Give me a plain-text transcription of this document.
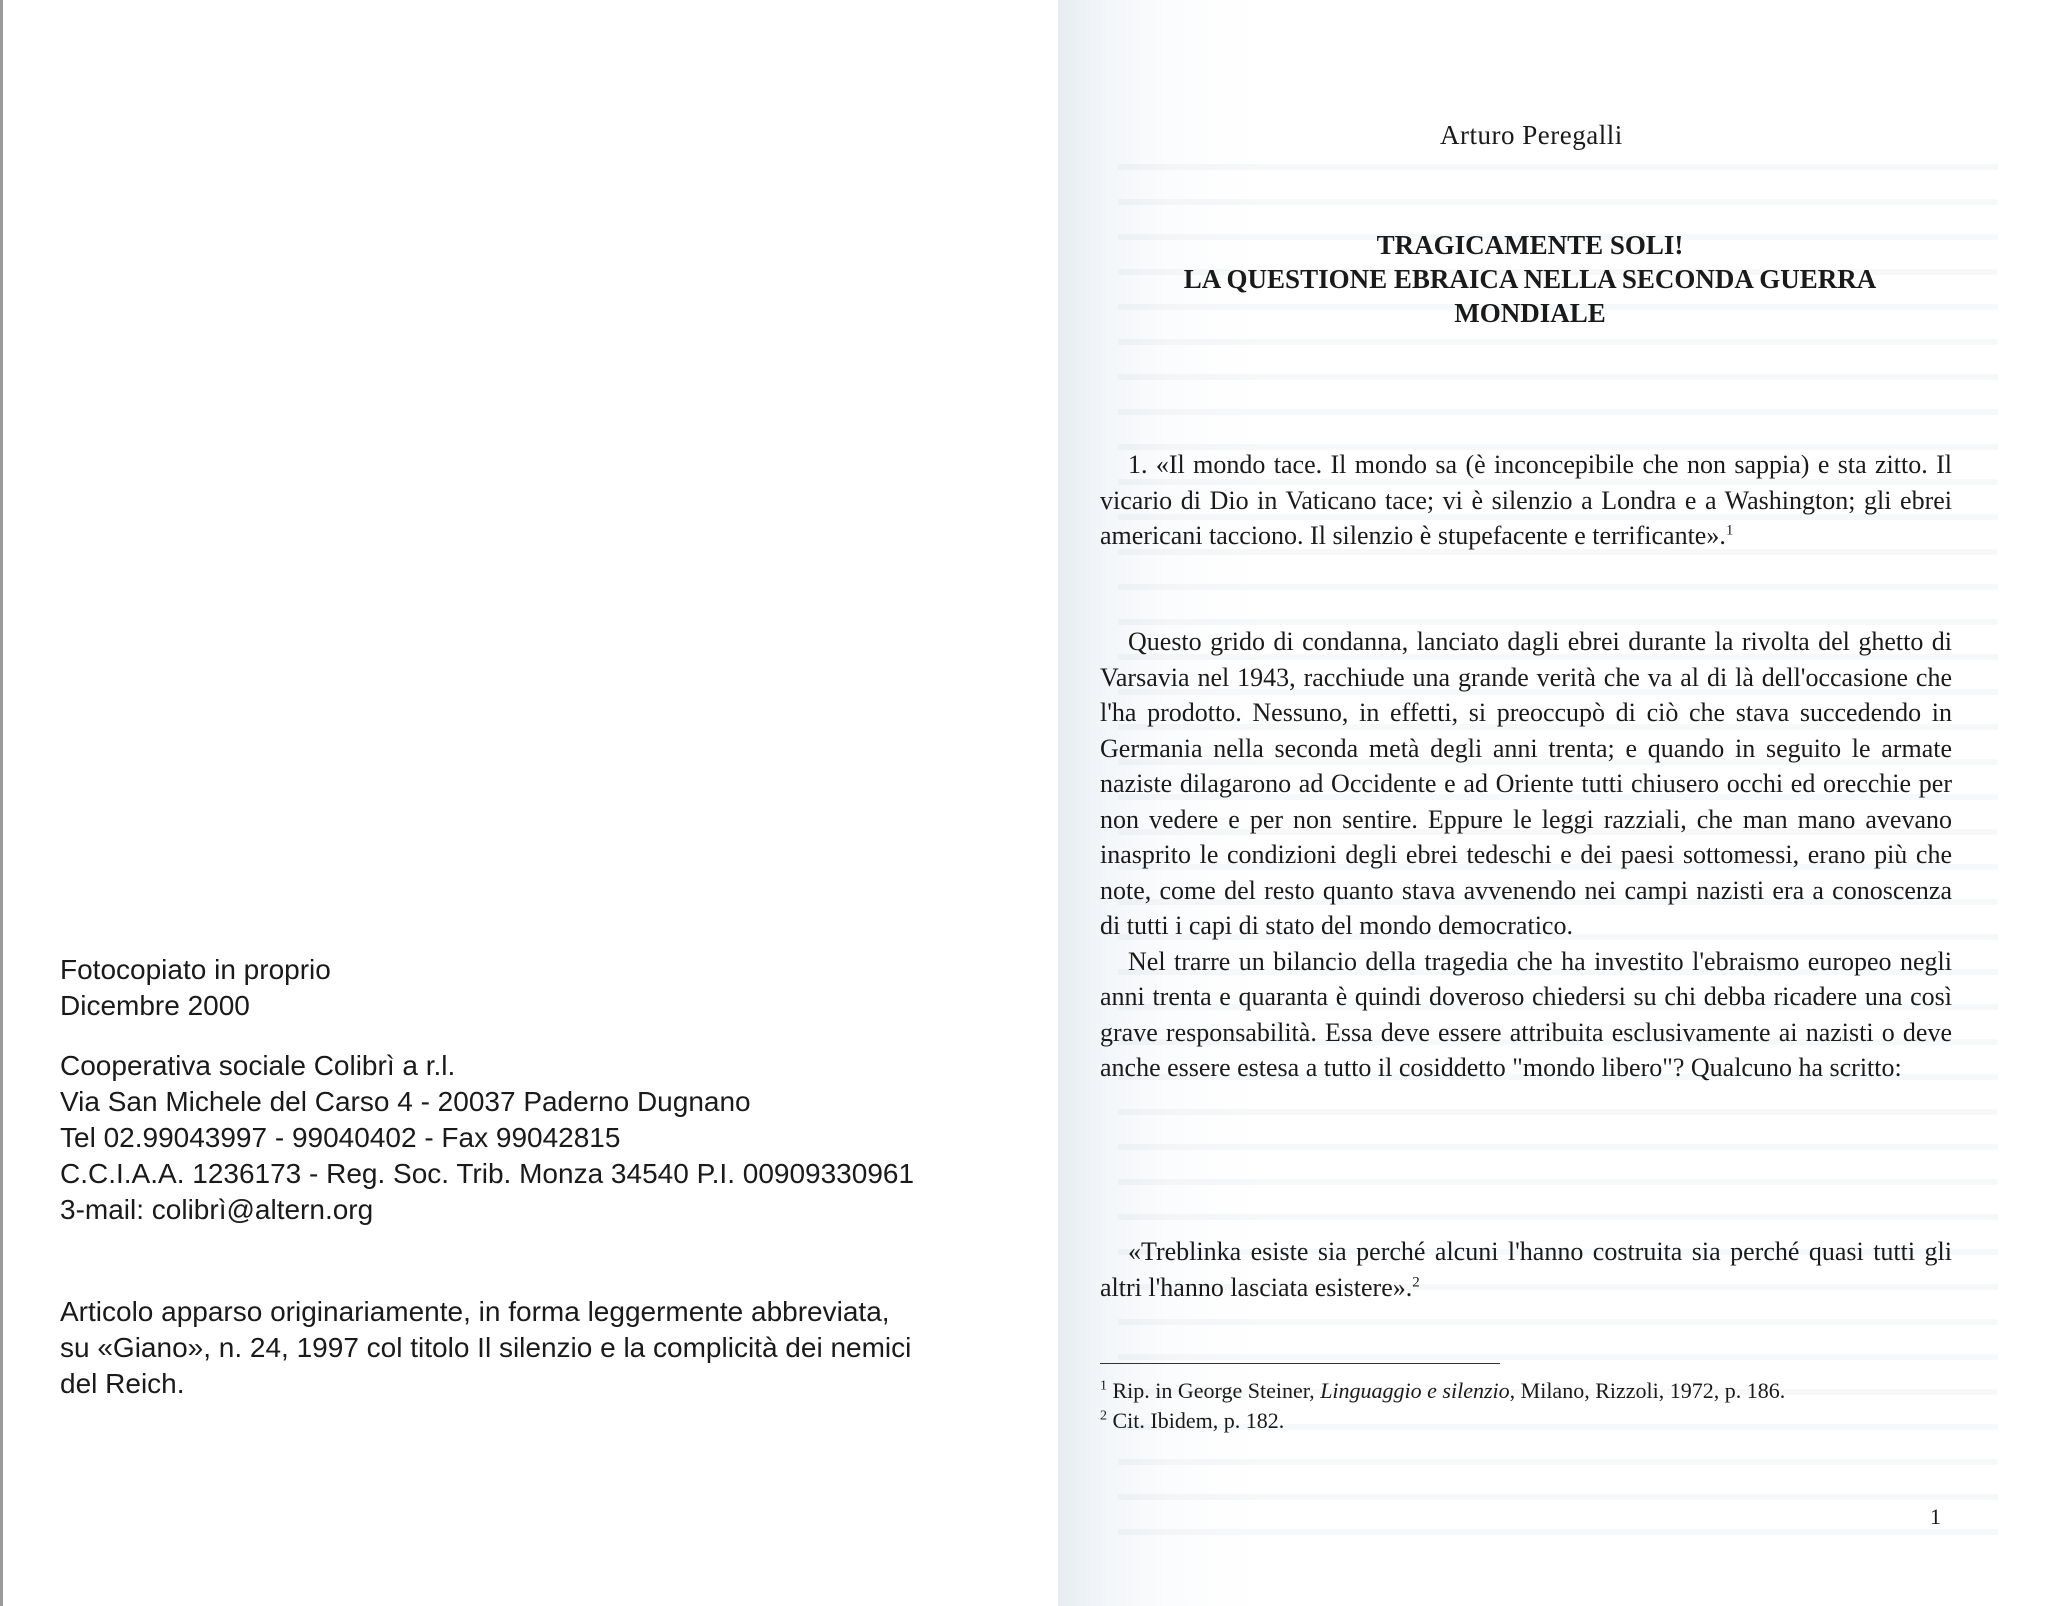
Fotocopiato in proprio
Dicembre 2000
Cooperativa sociale Colibrì a r.l.
Via San Michele del Carso 4 - 20037 Paderno Dugnano
Tel 02.99043997 - 99040402 - Fax 99042815
C.C.I.A.A. 1236173 - Reg. Soc. Trib. Monza 34540 P.I. 00909330961
3-mail: colibrì@altern.org
Articolo apparso originariamente, in forma leggermente abbreviata,
su «Giano», n. 24, 1997 col titolo Il silenzio e la complicità dei nemici
del Reich.
Arturo Peregalli
TRAGICAMENTE SOLI!
LA QUESTIONE EBRAICA NELLA SECONDA GUERRA
MONDIALE

1. «Il mondo tace. Il mondo sa (è inconcepibile che non sappia) e sta zitto. Il vicario di Dio in Vaticano tace; vi è silenzio a Londra e a Washington; gli ebrei americani tacciono. Il silenzio è stupefacente e terrificante».$^1$

Questo grido di condanna, lanciato dagli ebrei durante la rivolta del ghetto di Varsavia nel 1943, racchiude una grande verità che va al di là dell'occasione che l'ha prodotto. Nessuno, in effetti, si preoccupò di ciò che stava succedendo in Germania nella seconda metà degli anni trenta; e quando in seguito le armate naziste dilagarono ad Occidente e ad Oriente tutti chiusero occhi ed orecchie per non vedere e per non sentire. Eppure le leggi razziali, che man mano avevano inasprito le condizioni degli ebrei tedeschi e dei paesi sottomessi, erano più che note, come del resto quanto stava avvenendo nei campi nazisti era a conoscenza di tutti i capi di stato del mondo democratico.

Nel trarre un bilancio della tragedia che ha investito l'ebraismo europeo negli anni trenta e quaranta è quindi doveroso chiedersi su chi debba ricadere una così grave responsabilità. Essa deve essere attribuita esclusivamente ai nazisti o deve anche essere estesa a tutto il cosiddetto "mondo libero"? Qualcuno ha scritto:

«Treblinka esiste sia perché alcuni l'hanno costruita sia perché quasi tutti gli altri l'hanno lasciata esistere».$^2$

$^1$ Rip. in George Steiner, Linguaggio e silenzio, Milano, Rizzoli, 1972, p. 186.
$^2$ Cit. Ibidem, p. 182.
1
